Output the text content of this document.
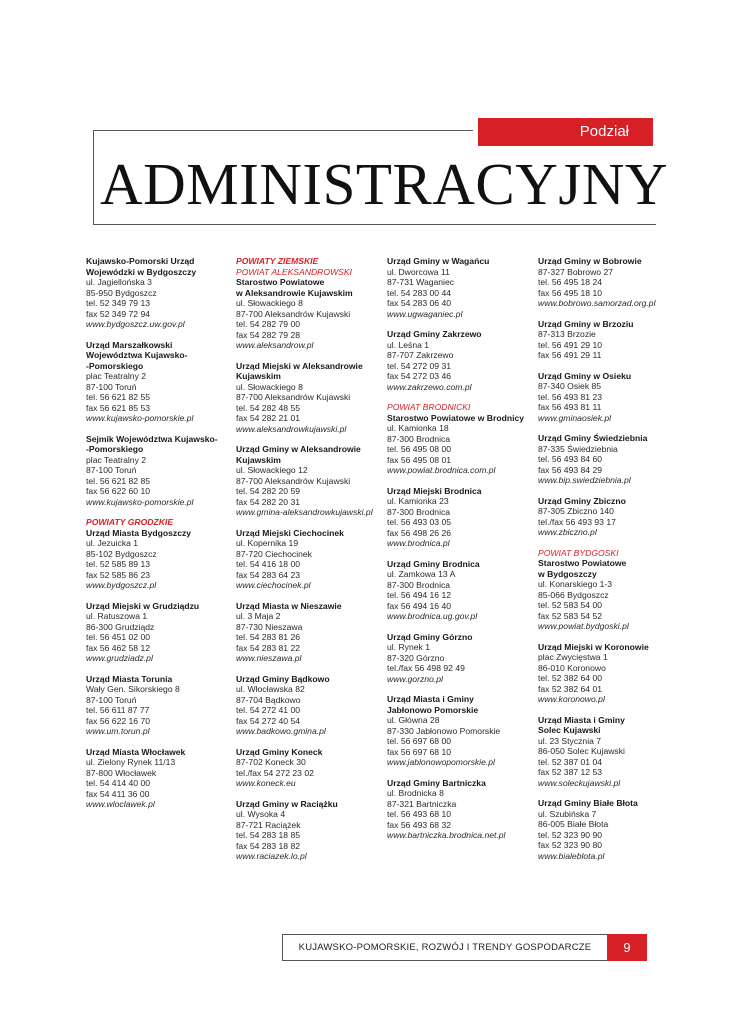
Podział
ADMINISTRACYJNY
Kujawsko-Pomorski Urząd
Wojewódzki w Bydgoszczy
ul. Jagiellońska 3
85-950 Bydgoszcz
tel. 52 349 79 13
fax 52 349 72 94
www.bydgoszcz.uw.gov.pl
Urząd Marszałkowski
Województwa Kujawsko-
-Pomorskiego
plac Teatralny 2
87-100 Toruń
tel. 56 621 82 55
fax 56 621 85 53
www.kujawsko-pomorskie.pl
Sejmik Województwa Kujawsko-
-Pomorskiego
plac Teatralny 2
87-100 Toruń
tel. 56 621 82 85
fax 56 622 60 10
www.kujawsko-pomorskie.pl
POWIATY GRODZKIE
Urząd Miasta Bydgoszczy
ul. Jezuicka 1
85-102 Bydgoszcz
tel. 52 585 89 13
fax 52 585 86 23
www.bydgoszcz.pl
Urząd Miejski w Grudziądzu
ul. Ratuszowa 1
86-300 Grudziądz
tel. 56 451 02 00
fax 56 462 58 12
www.grudziadz.pl
Urząd Miasta Torunia
Wały Gen. Sikorskiego 8
87-100 Toruń
tel. 56 611 87 77
fax 56 622 16 70
www.um.torun.pl
Urząd Miasta Włocławek
ul. Zielony Rynek 11/13
87-800 Włocławek
tel. 54 414 40 00
fax 54 411 36 00
www.wloclawek.pl
POWIATY ZIEMSKIE
POWIAT ALEKSANDROWSKI
Starostwo Powiatowe
w Aleksandrowie Kujawskim
ul. Słowackiego 8
87-700 Aleksandrów Kujawski
tel. 54 282 79 00
fax 54 282 79 28
www.aleksandrow.pl
Urząd Miejski w Aleksandrowie
Kujawskim
ul. Słowackiego 8
87-700 Aleksandrów Kujawski
tel. 54 282 48 55
fax 54 282 21 01
www.aleksandrowkujawski.pl
Urząd Gminy w Aleksandrowie
Kujawskim
ul. Słowackiego 12
87-700 Aleksandrów Kujawski
tel. 54 282 20 59
fax 54 282 20 31
www.gmina-aleksandrowkujawski.pl
Urząd Miejski Ciechocinek
ul. Kopernika 19
87-720 Ciechocinek
tel. 54 416 18 00
fax 54 283 64 23
www.ciechocinek.pl
Urząd Miasta w Nieszawie
ul. 3 Maja 2
87-730 Nieszawa
tel. 54 283 81 26
fax 54 283 81 22
www.nieszawa.pl
Urząd Gminy Bądkowo
ul. Włocławska 82
87-704 Bądkowo
tel. 54 272 41 00
fax 54 272 40 54
www.badkowo.gmina.pl
Urząd Gminy Koneck
87-702 Koneck 30
tel./fax 54 272 23 02
www.koneck.eu
Urząd Gminy w Raciążku
ul. Wysoka 4
87-721 Raciążek
tel. 54 283 18 85
fax 54 283 18 82
www.raciazek.lo.pl
Urząd Gminy w Wagańcu
ul. Dworcowa 11
87-731 Waganiec
tel. 54 283 00 44
fax 54 283 06 40
www.ugwaganiec.pl
Urząd Gminy Zakrzewo
ul. Leśna 1
87-707 Zakrzewo
tel. 54 272 09 31
fax 54 272 03 46
www.zakrzewo.com.pl
POWIAT BRODNICKI
Starostwo Powiatowe w Brodnicy
ul. Kamionka 18
87-300 Brodnica
tel. 56 495 08 00
fax 56 495 08 01
www.powiat.brodnica.com.pl
Urząd Miejski Brodnica
ul. Kamionka 23
87-300 Brodnica
tel. 56 493 03 05
fax 56 498 26 26
www.brodnica.pl
Urząd Gminy Brodnica
ul. Zamkowa 13 A
87-300 Brodnica
tel. 56 494 16 12
fax 56 494 16 40
www.brodnica.ug.gov.pl
Urząd Gminy Górzno
ul. Rynek 1
87-320 Górzno
tel./fax 56 498 92 49
www.gorzno.pl
Urząd Miasta i Gminy
Jabłonowo Pomorskie
ul. Główna 28
87-330 Jabłonowo Pomorskie
tel. 56 697 68 00
fax 56 697 68 10
www.jablonowopomorskie.pl
Urząd Gminy Bartniczka
ul. Brodnicka 8
87-321 Bartniczka
tel. 56 493 68 10
fax 56 493 68 32
www.bartniczka.brodnica.net.pl
Urząd Gminy w Bobrowie
87-327 Bobrowo 27
tel. 56 495 18 24
fax 56 495 18 10
www.bobrowo.samorzad.org.pl
Urząd Gminy w Brzoziu
87-313 Brzozie
tel. 56 491 29 10
fax 56 491 29 11
Urząd Gminy w Osieku
87-340 Osiek 85
tel. 56 493 81 23
fax 56 493 81 11
www.gminaosiek.pl
Urząd Gminy Świedziebnia
87-335 Świedziebnia
tel. 56 493 84 60
fax 56 493 84 29
www.bip.swiedziebnia.pl
Urząd Gminy Zbiczno
87-305 Zbiczno 140
tel./fax 56 493 93 17
www.zbiczno.pl
POWIAT BYDGOSKI
Starostwo Powiatowe
w Bydgoszczy
ul. Konarskiego 1-3
85-066 Bydgoszcz
tel. 52 583 54 00
fax 52 583 54 52
www.powiat.bydgoski.pl
Urząd Miejski w Koronowie
plac Zwycięstwa 1
86-010 Koronowo
tel. 52 382 64 00
fax 52 382 64 01
www.koronowo.pl
Urząd Miasta i Gminy
Solec Kujawski
ul. 23 Stycznia 7
86-050 Solec Kujawski
tel. 52 387 01 04
fax 52 387 12 53
www.soleckujawski.pl
Urząd Gminy Białe Błota
ul. Szubińska 7
86-005 Białe Błota
tel. 52 323 90 90
fax 52 323 90 80
www.bialeblota.pl
KUJAWSKO-POMORSKIE, ROZWÓJ I TRENDY GOSPODARCZE	9
